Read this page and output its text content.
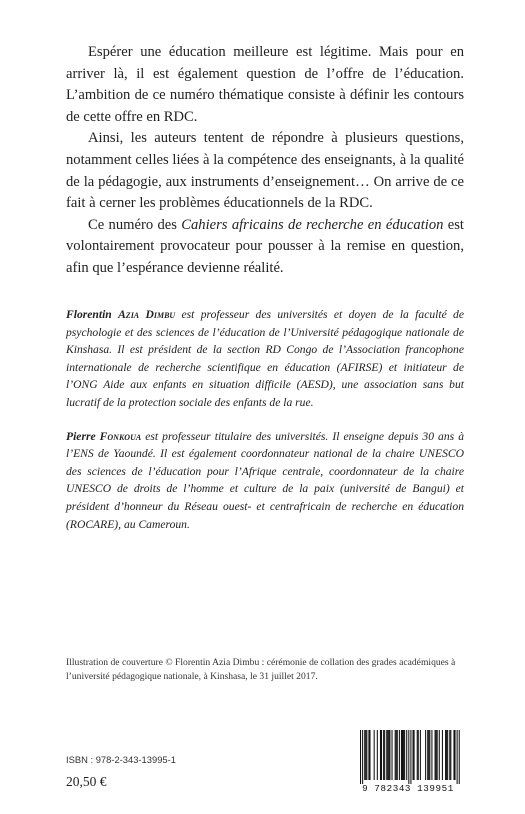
Espérer une éducation meilleure est légitime. Mais pour en arriver là, il est également question de l’offre de l’éducation. L’ambition de ce numéro thématique consiste à définir les contours de cette offre en RDC.

Ainsi, les auteurs tentent de répondre à plusieurs questions, notamment celles liées à la compétence des enseignants, à la qualité de la pédagogie, aux instruments d’enseignement… On arrive de ce fait à cerner les problèmes éducationnels de la RDC.

Ce numéro des Cahiers africains de recherche en éducation est volontairement provocateur pour pousser à la remise en question, afin que l’espérance devienne réalité.

Florentin Azia Dimbu est professeur des universités et doyen de la faculté de psychologie et des sciences de l’éducation de l’Université pédagogique nationale de Kinshasa. Il est président de la section RD Congo de l’Association francophone internationale de recherche scientifique en éducation (AFIRSE) et initiateur de l’ONG Aide aux enfants en situation difficile (AESD), une association sans but lucratif de la protection sociale des enfants de la rue.

Pierre Fonkoua est professeur titulaire des universités. Il enseigne depuis 30 ans à l’ENS de Yaoundé. Il est également coordonnateur national de la chaire UNESCO des sciences de l’éducation pour l’Afrique centrale, coordonnateur de la chaire UNESCO de droits de l’homme et culture de la paix (université de Bangui) et président d’honneur du Réseau ouest- et centrafricain de recherche en éducation (ROCARE), au Cameroun.

Illustration de couverture © Florentin Azia Dimbu : cérémonie de collation des grades académiques à l’université pédagogique nationale, à Kinshasa, le 31 juillet 2017.
ISBN : 978-2-343-13995-1
20,50 €	9 782343 139951
